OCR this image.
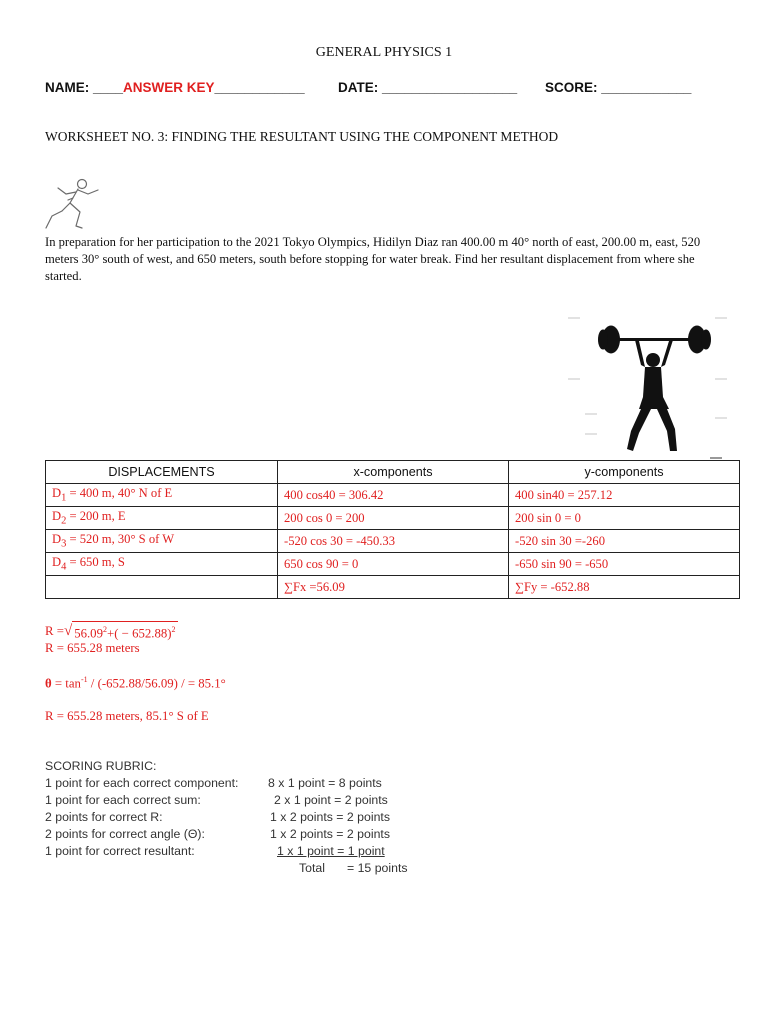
GENERAL PHYSICS 1
NAME: ____ANSWER KEY____________ DATE: __________________ SCORE: ____________
WORKSHEET NO. 3: FINDING THE RESULTANT USING THE COMPONENT METHOD
In preparation for her participation to the 2021 Tokyo Olympics, Hidilyn Diaz ran 400.00 m 40° north of east, 200.00 m, east, 520 meters 30° south of west, and 650 meters, south before stopping for water break. Find her resultant displacement from where she started.
DISPLACEMENTS	x-components	y-components
$D_1 = 400$ m, 40° N of E	400 cos40 = 306.42	400 sin40 = 257.12
$D_2 = 200$ m, E	200 cos 0 = 200	200 sin 0 = 0
$D_3 = 520$ m, 30° S of W	-520 cos 30 = -450.33	-520 sin 30 =-260
$D_4 = 650$ m, S	650 cos 90 = 0	-650 sin 90 = -650
	∑Fx =56.09	∑Fy = -652.88
R = √ $56.09^2+( - 652.88)^2$
R = 655.28 meters
$\theta = \tan^{-1} / (-652.88/56.09)$ / = 85.1°
R = 655.28 meters, 85.1° S of E
SCORING RUBRIC:
1 point for each correct component: 8 x 1 point = 8 points
1 point for each correct sum:	2 x 1 point = 2 points
2 points for correct R:	1 x 2 points = 2 points
2 points for correct angle (Θ):	1 x 2 points = 2 points
1 point for correct resultant:	1 x 1 point = 1 point
Total = 15 points
